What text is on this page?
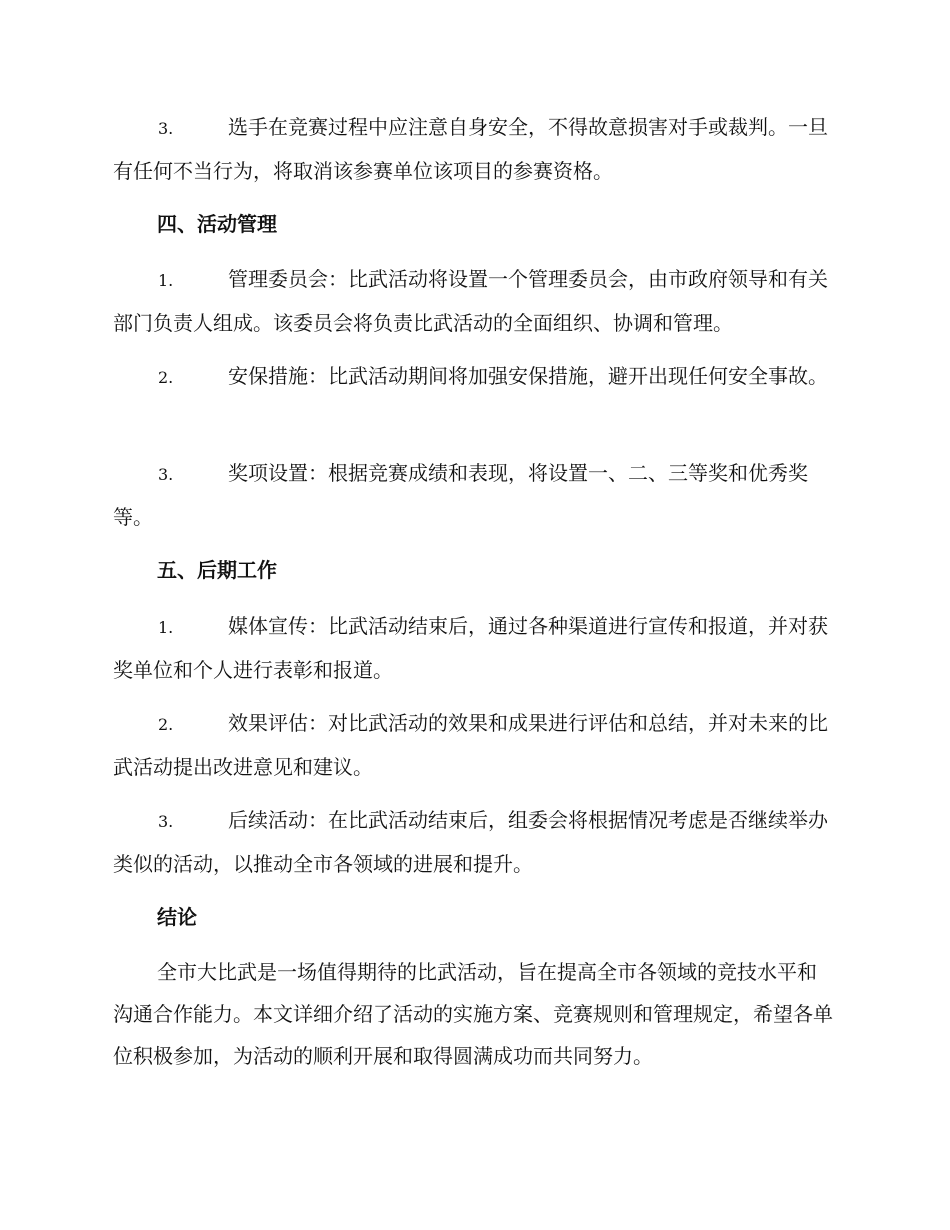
3.	选手在竞赛过程中应注意自身安全，不得故意损害对手或裁判。一旦有任何不当行为，将取消该参赛单位该项目的参赛资格。
四、活动管理
1.	管理委员会：比武活动将设置一个管理委员会，由市政府领导和有关部门负责人组成。该委员会将负责比武活动的全面组织、协调和管理。
2.	安保措施：比武活动期间将加强安保措施，避开出现任何安全事故。
3.	奖项设置：根据竞赛成绩和表现，将设置一、二、三等奖和优秀奖等。
五、后期工作
1.	媒体宣传：比武活动结束后，通过各种渠道进行宣传和报道，并对获奖单位和个人进行表彰和报道。
2.	效果评估：对比武活动的效果和成果进行评估和总结，并对未来的比武活动提出改进意见和建议。
3.	后续活动：在比武活动结束后，组委会将根据情况考虑是否继续举办类似的活动，以推动全市各领域的进展和提升。
结论
全市大比武是一场值得期待的比武活动，旨在提高全市各领域的竞技水平和沟通合作能力。本文详细介绍了活动的实施方案、竞赛规则和管理规定，希望各单位积极参加，为活动的顺利开展和取得圆满成功而共同努力。
